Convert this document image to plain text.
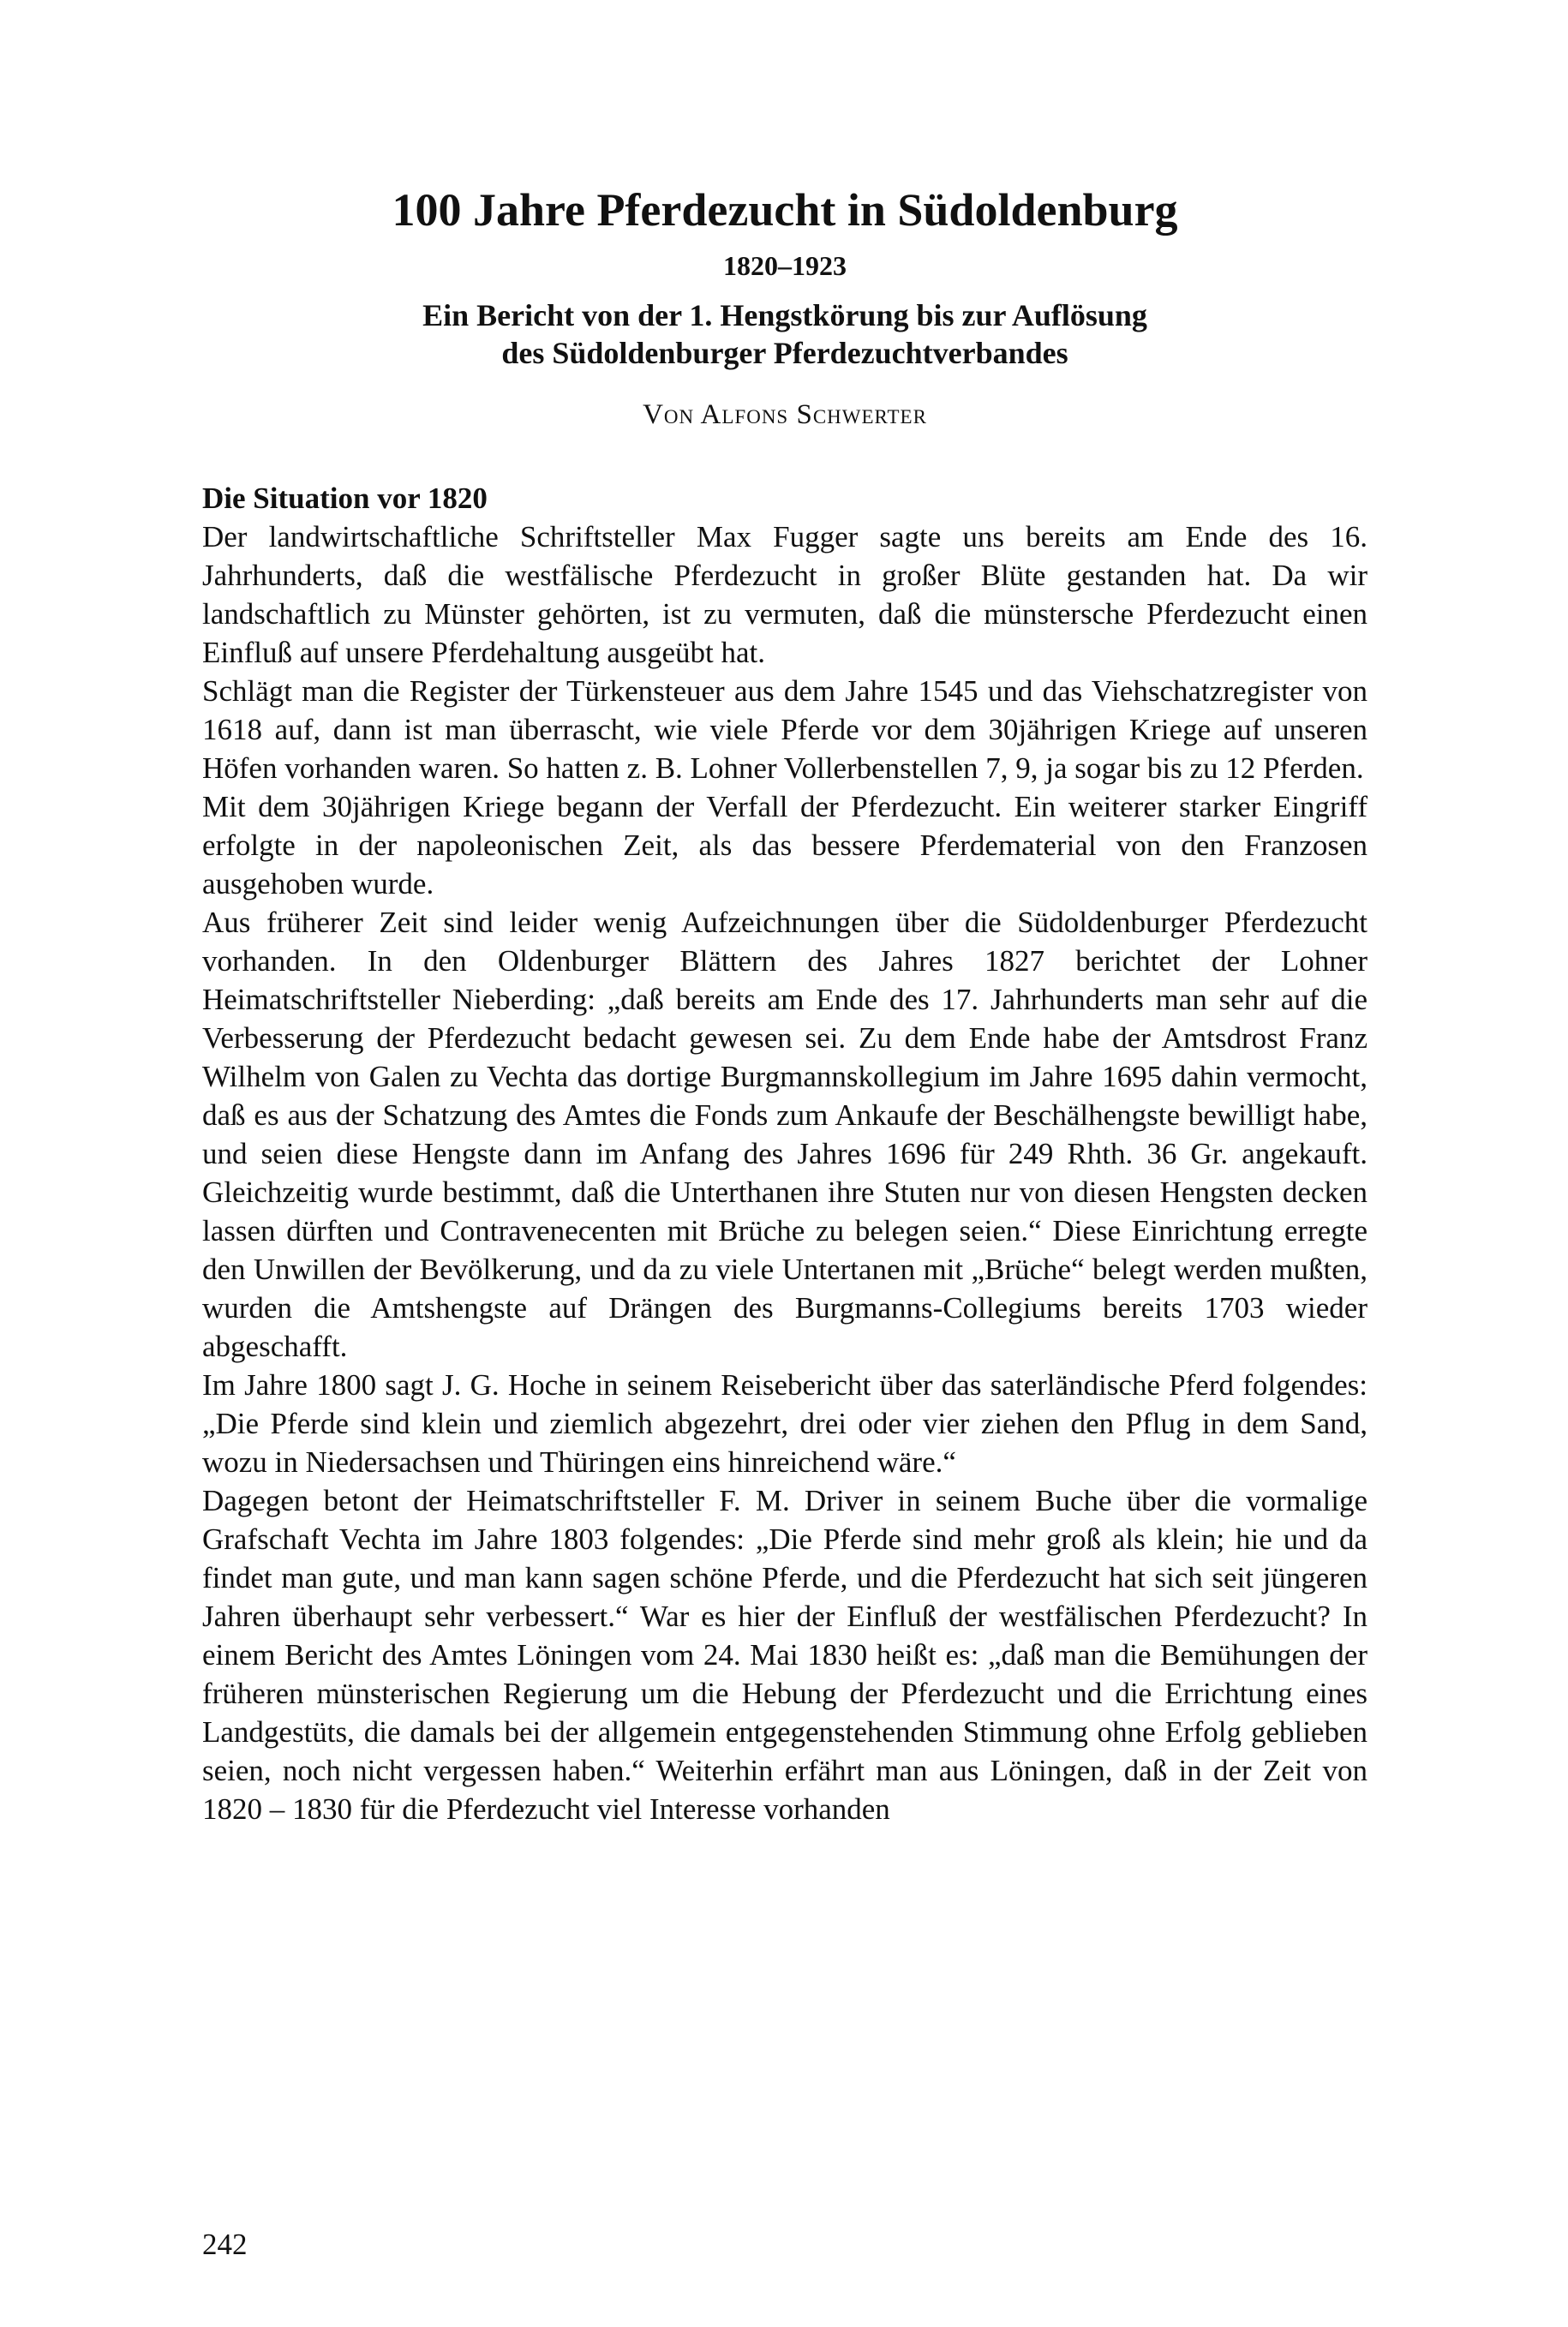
100 Jahre Pferdezucht in Südoldenburg
1820–1923
Ein Bericht von der 1. Hengstkörung bis zur Auflösung
des Südoldenburger Pferdezuchtverbandes
Von Alfons Schwerter
Die Situation vor 1820

Der landwirtschaftliche Schriftsteller Max Fugger sagte uns bereits am Ende des 16. Jahrhunderts, daß die westfälische Pferdezucht in großer Blüte gestanden hat. Da wir landschaftlich zu Münster gehörten, ist zu vermuten, daß die münstersche Pferdezucht einen Einfluß auf unsere Pferdehaltung ausgeübt hat.

Schlägt man die Register der Türkensteuer aus dem Jahre 1545 und das Viehschatzregister von 1618 auf, dann ist man überrascht, wie viele Pferde vor dem 30jährigen Kriege auf unseren Höfen vorhanden waren. So hatten z. B. Lohner Vollerbenstellen 7, 9, ja sogar bis zu 12 Pferden.

Mit dem 30jährigen Kriege begann der Verfall der Pferdezucht. Ein weiterer starker Eingriff erfolgte in der napoleonischen Zeit, als das bessere Pferdematerial von den Franzosen ausgehoben wurde.

Aus früherer Zeit sind leider wenig Aufzeichnungen über die Südoldenburger Pferdezucht vorhanden. In den Oldenburger Blättern des Jahres 1827 berichtet der Lohner Heimatschriftsteller Nieberding: „daß bereits am Ende des 17. Jahrhunderts man sehr auf die Verbesserung der Pferdezucht bedacht gewesen sei. Zu dem Ende habe der Amtsdrost Franz Wilhelm von Galen zu Vechta das dortige Burgmannskollegium im Jahre 1695 dahin vermocht, daß es aus der Schatzung des Amtes die Fonds zum Ankaufe der Beschälhengste bewilligt habe, und seien diese Hengste dann im Anfang des Jahres 1696 für 249 Rhth. 36 Gr. angekauft. Gleichzeitig wurde bestimmt, daß die Unterthanen ihre Stuten nur von diesen Hengsten decken lassen dürften und Contravenecenten mit Brüche zu belegen seien.“ Diese Einrichtung erregte den Unwillen der Bevölkerung, und da zu viele Untertanen mit „Brüche“ belegt werden mußten, wurden die Amtshengste auf Drängen des Burgmanns-Collegiums bereits 1703 wieder abgeschafft.

Im Jahre 1800 sagt J. G. Hoche in seinem Reisebericht über das saterländische Pferd folgendes: „Die Pferde sind klein und ziemlich abgezehrt, drei oder vier ziehen den Pflug in dem Sand, wozu in Niedersachsen und Thüringen eins hinreichend wäre.“

Dagegen betont der Heimatschriftsteller F. M. Driver in seinem Buche über die vormalige Grafschaft Vechta im Jahre 1803 folgendes: „Die Pferde sind mehr groß als klein; hie und da findet man gute, und man kann sagen schöne Pferde, und die Pferdezucht hat sich seit jüngeren Jahren überhaupt sehr verbessert.“ War es hier der Einfluß der westfälischen Pferdezucht? In einem Bericht des Amtes Löningen vom 24. Mai 1830 heißt es: „daß man die Bemühungen der früheren münsterischen Regierung um die Hebung der Pferdezucht und die Errichtung eines Landgestüts, die damals bei der allgemein entgegenstehenden Stimmung ohne Erfolg geblieben seien, noch nicht vergessen haben.“ Weiterhin erfährt man aus Löningen, daß in der Zeit von 1820 – 1830 für die Pferdezucht viel Interesse vorhanden

242
